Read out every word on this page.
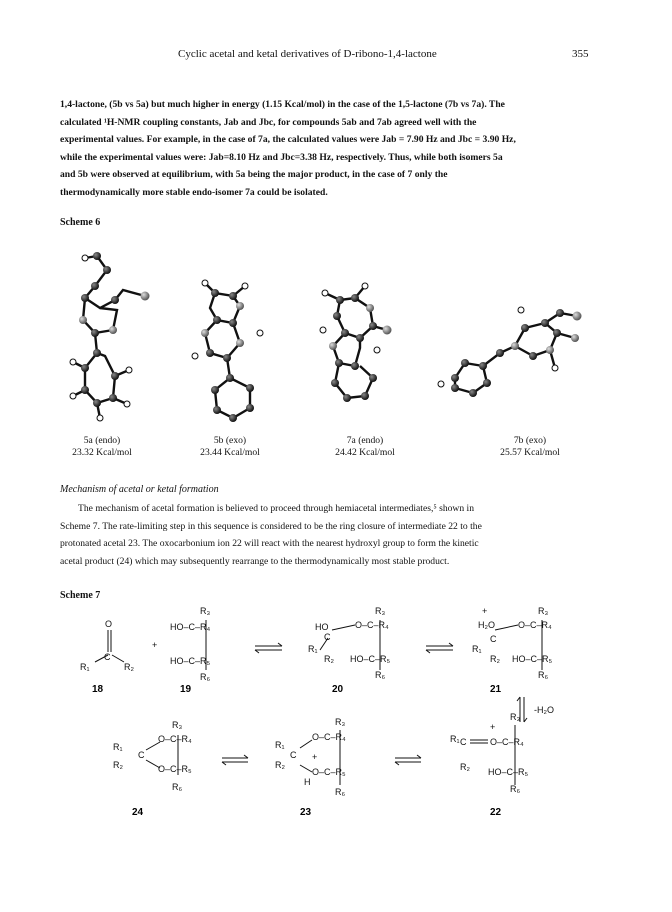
Cyclic acetal and ketal derivatives of D-ribono-1,4-lactone	355
1,4-lactone, (5b vs 5a) but much higher in energy (1.15 Kcal/mol) in the case of the 1,5-lactone (7b vs 7a). The
calculated ¹H-NMR coupling constants, Jab and Jbc, for compounds 5ab and 7ab agreed well with the
experimental values. For example, in the case of 7a, the calculated values were Jab = 7.90 Hz and Jbc = 3.90 Hz,
while the experimental values were: Jab=8.10 Hz and Jbc=3.38 Hz, respectively. Thus, while both isomers 5a
and 5b were observed at equilibrium, with 5a being the major product, in the case of 7 only the
thermodynamically more stable endo-isomer 7a could be isolated.
Scheme 6
5a (endo)
23.32 Kcal/mol
5b (exo)
23.44 Kcal/mol
7a (endo)
24.42 Kcal/mol
7b (exo)
25.57 Kcal/mol
Mechanism of acetal or ketal formation
The mechanism of acetal formation is believed to proceed through hemiacetal intermediates,⁵ shown in
Scheme 7. The rate-limiting step in this sequence is considered to be the ring closure of intermediate 22 to the
protonated acetal 23. The oxocarbonium ion 22 will react with the nearest hydroxyl group to form the kinetic
acetal product (24) which may subsequently rearrange to the thermodynamically most stable product.
Scheme 7
O
R₁
C
R₂
+
R₃
HO–C–R₄
HO–C–R₅
R₆
R₃
HO	O–C–R₄
C
R₁
R₂ HO–C–R₅
R₆
+	R₃
H₂O	O–C–R₄
C
R₁
R₂ HO–C–R₅
R₆
-H₂O
R₃
R₁
C
R₂
O–C–R₄
O–C–R₅
R₆
R₃
R₁
C
R₂
O–C–R₄
+
O–C–R₅
H
R₆
R₃
R₁ C
+
O–C–R₄
R₂ HO–C–R₅
R₆
18	19	20	21
22
23
24
